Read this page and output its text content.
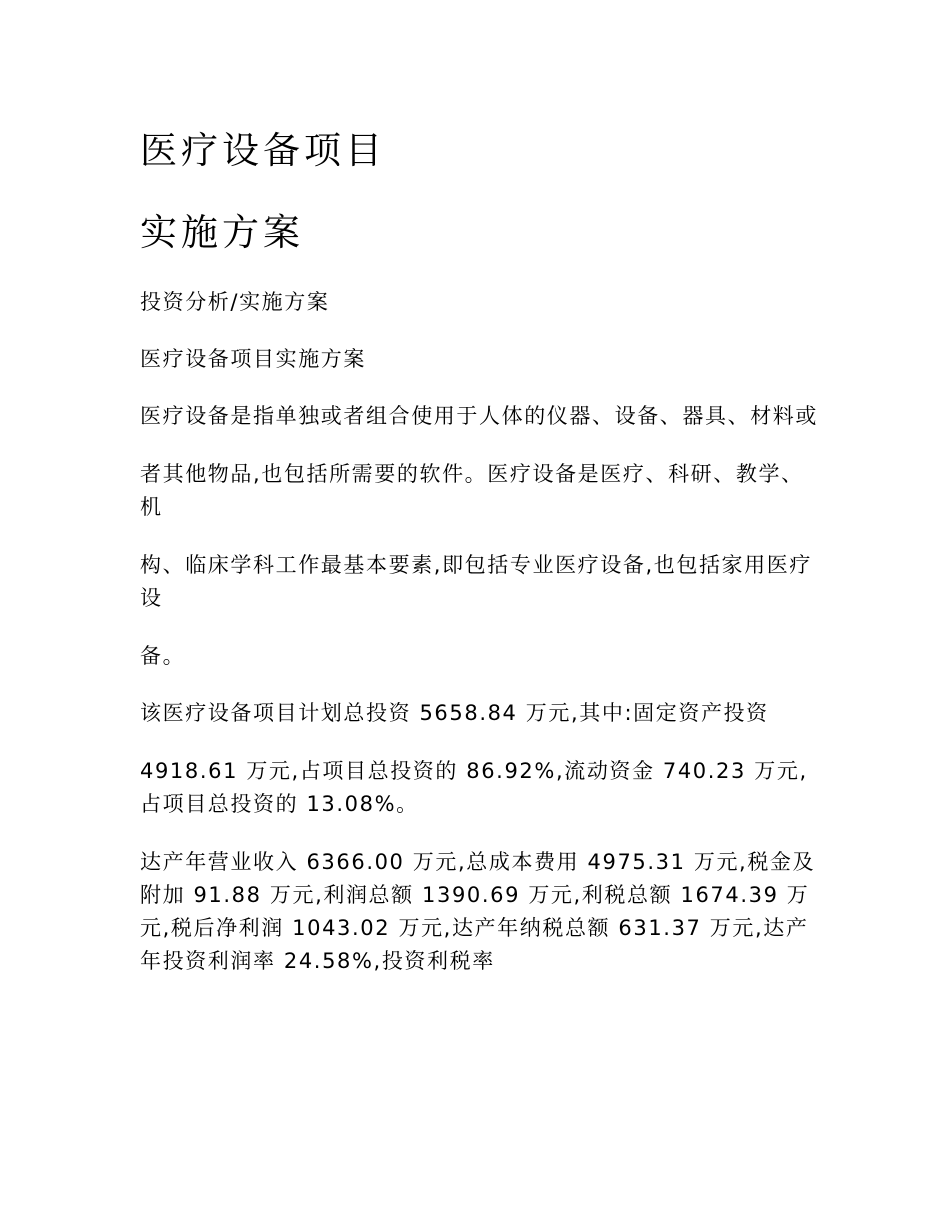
医疗设备项目
实施方案

投资分析/实施方案

医疗设备项目实施方案

医疗设备是指单独或者组合使用于人体的仪器、设备、器具、材料或

者其他物品,也包括所需要的软件。医疗设备是医疗、科研、教学、机

构、临床学科工作最基本要素,即包括专业医疗设备,也包括家用医疗设

备。

该医疗设备项目计划总投资 5658.84 万元,其中:固定资产投资

4918.61 万元,占项目总投资的 86.92%,流动资金 740.23 万元,占项目总投资的 13.08%。

达产年营业收入 6366.00 万元,总成本费用 4975.31 万元,税金及附加 91.88 万元,利润总额 1390.69 万元,利税总额 1674.39 万元,税后净利润 1043.02 万元,达产年纳税总额 631.37 万元,达产年投资利润率 24.58%,投资利税率
